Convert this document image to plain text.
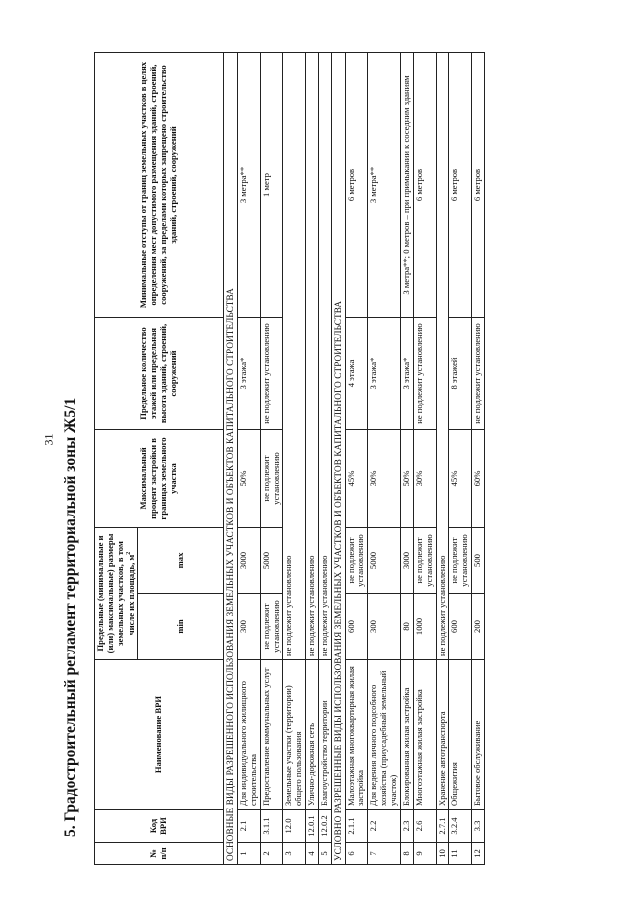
31 5. Градостроительный регламент территориальной зоны Ж5/1
№ п/п	Код ВРИ	Наименование ВРИ	Предельные (минимальные и (или) максимальные) размеры земельных участков, в том числе их площадь, $м^2$		Максимальный процент застройки в границах земельного участка	Предельное количество этажей или предельная высота зданий, строений, сооружений	Минимальные отступы от границ земельных участков в целях определения мест допустимого размещения зданий, строений, сооружений, за пределами которых запрещено строительство зданий, строений, сооружений
			min	max			
ОСНОВНЫЕ ВИДЫ РАЗРЕШЕННОГО ИСПОЛЬЗОВАНИЯ ЗЕМЕЛЬНЫХ УЧАСТКОВ И ОБЪЕКТОВ КАПИТАЛЬНОГО СТРОИТЕЛЬСТВА							
1	2.1	Для индивидуального жилищного строительства	300	3000	50%	3 этажа*	3 метра**
2	3.1.1	Предоставление коммунальных услуг	не подлежит установлению	5000	не подлежит установлению	не подлежит установлению	1 метр
3	12.0	Земельные участки (территории) общего пользования	не подлежит установлению				
4	12.0.1	Улично-дорожная сеть	не подлежит установлению				
5	12.0.2	Благоустройство территории	не подлежит установлению				
УСЛОВНО РАЗРЕШЕННЫЕ ВИДЫ ИСПОЛЬЗОВАНИЯ ЗЕМЕЛЬНЫХ УЧАСТКОВ И ОБЪЕКТОВ КАПИТАЛЬНОГО СТРОИТЕЛЬСТВА							
6	2.1.1	Малоэтажная многоквартирная жилая застройка	600	не подлежит установлению	45%	4 этажа	6 метров
7	2.2	Для ведения личного подсобного хозяйства (приусадебный земельный участок)	300	5000	30%	3 этажа*	3 метра**
8	2.3	Блокированная жилая застройка	80	3000	50%	3 этажа*	3 метра**; 0 метров – при примыкании к соседним зданиям
9	2.6	Многоэтажная жилая застройка	1000	не подлежит установлению	30%	не подлежит установлению	6 метров
10	2.7.1	Хранение автотранспорта	не подлежит установлению				
11	3.2.4	Общежития	600	не подлежит установлению	45%	8 этажей	6 метров
12	3.3	Бытовое обслуживание	200	500	60%	не подлежит установлению	6 метров
